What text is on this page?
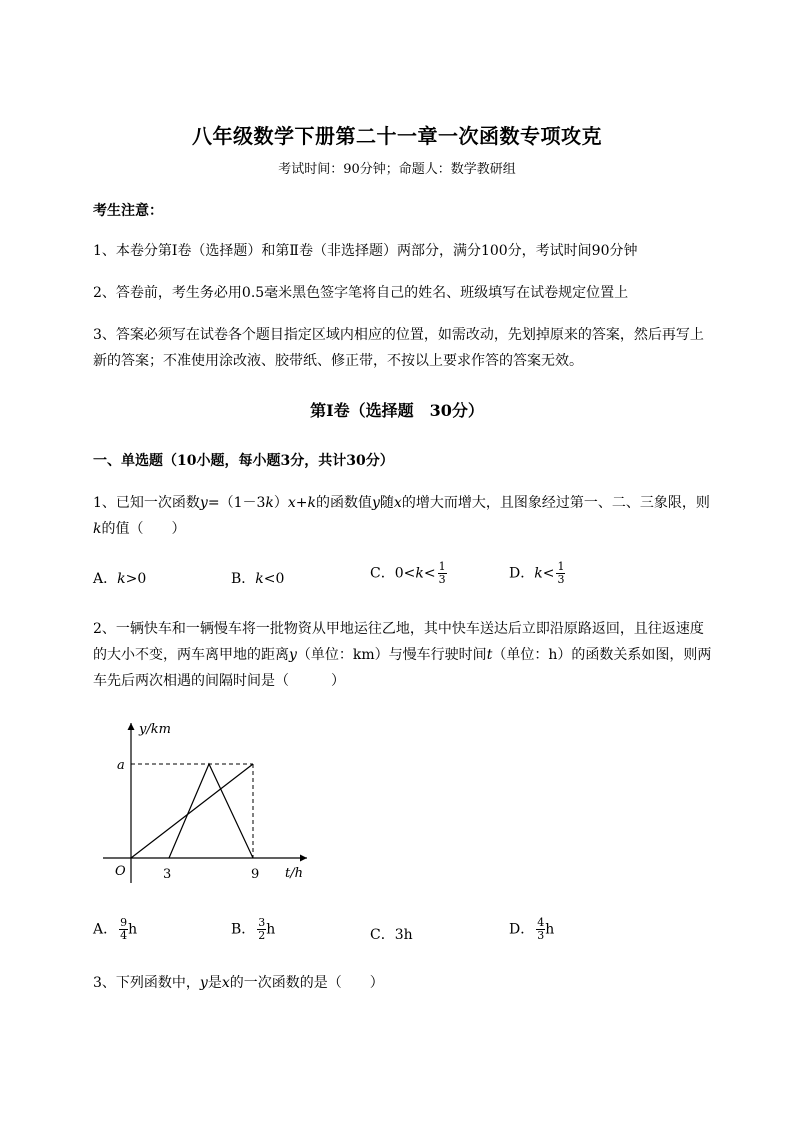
八年级数学下册第二十一章一次函数专项攻克
考试时间：90分钟；命题人：数学教研组
考生注意：
1、本卷分第I卷（选择题）和第Ⅱ卷（非选择题）两部分，满分100分，考试时间90分钟
2、答卷前，考生务必用0.5毫米黑色签字笔将自己的姓名、班级填写在试卷规定位置上
3、答案必须写在试卷各个题目指定区域内相应的位置，如需改动，先划掉原来的答案，然后再写上新的答案；不准使用涂改液、胶带纸、修正带，不按以上要求作答的答案无效。
第I卷（选择题　30分）
一、单选题（10小题，每小题3分，共计30分）
1、已知一次函数y=（1－3k）x+k的函数值y随x的增大而增大，且图象经过第一、二、三象限，则k的值（　　）
A．k>0	B．k<0	C．$0<k< \frac{1}{3}$	D．$k< \frac{1}{3}$
2、一辆快车和一辆慢车将一批物资从甲地运往乙地，其中快车送达后立即沿原路返回，且往返速度的大小不变，两车离甲地的距离y（单位：km）与慢车行驶时间t（单位：h）的函数关系如图，则两车先后两次相遇的间隔时间是（　　　）
y/km
t/h
O
a
3	9
A． $\frac{9}{4}$ h	B． $\frac{3}{2}$ h	C．3h	D． $\frac{4}{3}$ h
3、下列函数中，y是x的一次函数的是（　　）
